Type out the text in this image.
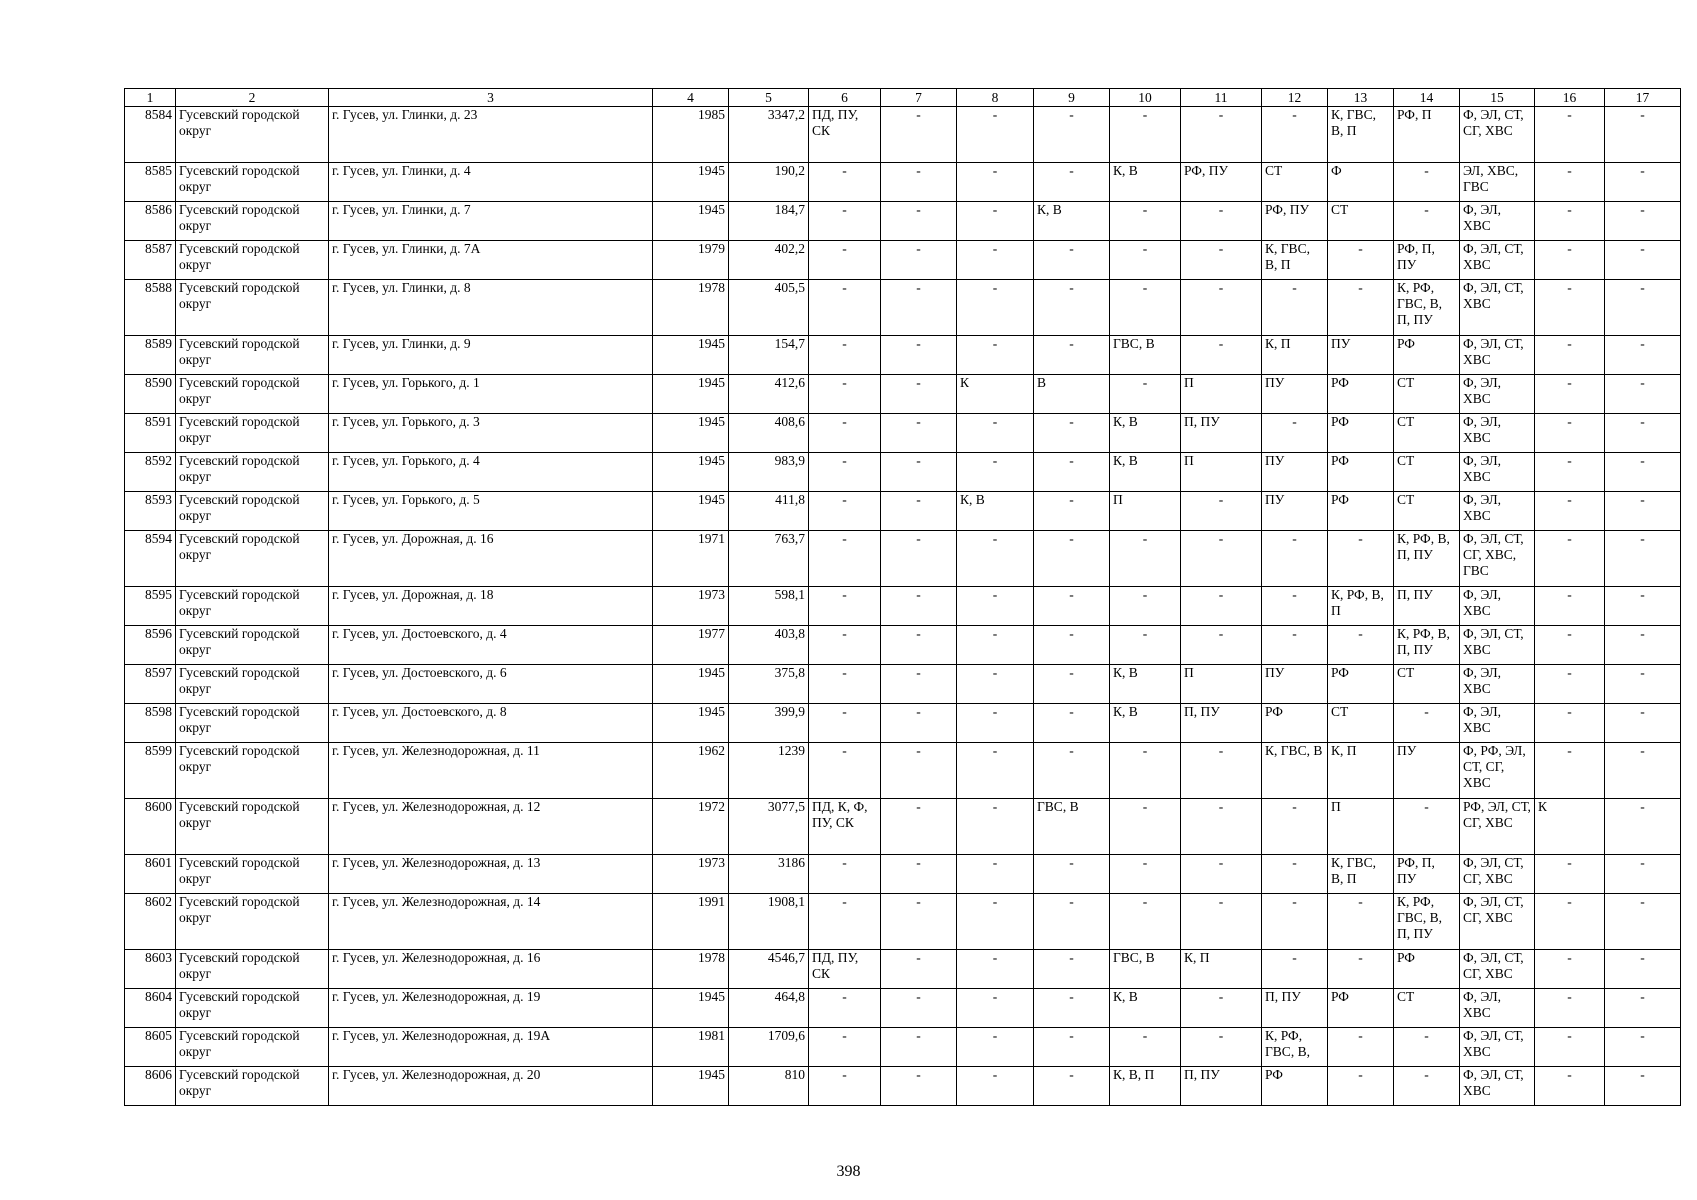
1	2	3	4	5	6	7	8	9	10	11	12	13	14	15	16	17
8584	Гусевский городской округ	г. Гусев, ул. Глинки, д. 23	1985	3347,2	ПД, ПУ, СК	-	-	-	-	-	-	К, ГВС, В, П	РФ, П	Ф, ЭЛ, СТ, СГ, ХВС	-	-
8585	Гусевский городской округ	г. Гусев, ул. Глинки, д. 4	1945	190,2	-	-	-	-	К, В	РФ, ПУ	СТ	Ф	-	ЭЛ, ХВС, ГВС	-	-
8586	Гусевский городской округ	г. Гусев, ул. Глинки, д. 7	1945	184,7	-	-	-	К, В	-	-	РФ, ПУ	СТ	-	Ф, ЭЛ, ХВС	-	-
8587	Гусевский городской округ	г. Гусев, ул. Глинки, д. 7А	1979	402,2	-	-	-	-	-	-	К, ГВС, В, П	-	РФ, П, ПУ	Ф, ЭЛ, СТ, ХВС	-	-
8588	Гусевский городской округ	г. Гусев, ул. Глинки, д. 8	1978	405,5	-	-	-	-	-	-	-	-	К, РФ, ГВС, В, П, ПУ	Ф, ЭЛ, СТ, ХВС	-	-
8589	Гусевский городской округ	г. Гусев, ул. Глинки, д. 9	1945	154,7	-	-	-	-	ГВС, В	-	К, П	ПУ	РФ	Ф, ЭЛ, СТ, ХВС	-	-
8590	Гусевский городской округ	г. Гусев, ул. Горького, д. 1	1945	412,6	-	-	К	В	-	П	ПУ	РФ	СТ	Ф, ЭЛ, ХВС	-	-
8591	Гусевский городской округ	г. Гусев, ул. Горького, д. 3	1945	408,6	-	-	-	-	К, В	П, ПУ	-	РФ	СТ	Ф, ЭЛ, ХВС	-	-
8592	Гусевский городской округ	г. Гусев, ул. Горького, д. 4	1945	983,9	-	-	-	-	К, В	П	ПУ	РФ	СТ	Ф, ЭЛ, ХВС	-	-
8593	Гусевский городской округ	г. Гусев, ул. Горького, д. 5	1945	411,8	-	-	К, В	-	П	-	ПУ	РФ	СТ	Ф, ЭЛ, ХВС	-	-
8594	Гусевский городской округ	г. Гусев, ул. Дорожная, д. 16	1971	763,7	-	-	-	-	-	-	-	-	К, РФ, В, П, ПУ	Ф, ЭЛ, СТ, СГ, ХВС, ГВС	-	-
8595	Гусевский городской округ	г. Гусев, ул. Дорожная, д. 18	1973	598,1	-	-	-	-	-	-	-	К, РФ, В, П	П, ПУ	Ф, ЭЛ, ХВС	-	-
8596	Гусевский городской округ	г. Гусев, ул. Достоевского, д. 4	1977	403,8	-	-	-	-	-	-	-	-	К, РФ, В, П, ПУ	Ф, ЭЛ, СТ, ХВС	-	-
8597	Гусевский городской округ	г. Гусев, ул. Достоевского, д. 6	1945	375,8	-	-	-	-	К, В	П	ПУ	РФ	СТ	Ф, ЭЛ, ХВС	-	-
8598	Гусевский городской округ	г. Гусев, ул. Достоевского, д. 8	1945	399,9	-	-	-	-	К, В	П, ПУ	РФ	СТ	-	Ф, ЭЛ, ХВС	-	-
8599	Гусевский городской округ	г. Гусев, ул. Железнодорожная, д. 11	1962	1239	-	-	-	-	-	-	К, ГВС, В	К, П	ПУ	Ф, РФ, ЭЛ, СТ, СГ, ХВС	-	-
8600	Гусевский городской округ	г. Гусев, ул. Железнодорожная, д. 12	1972	3077,5	ПД, К, Ф, ПУ, СК	-	-	ГВС, В	-	-	-	П	-	РФ, ЭЛ, СТ, СГ, ХВС	К	-
8601	Гусевский городской округ	г. Гусев, ул. Железнодорожная, д. 13	1973	3186	-	-	-	-	-	-	-	К, ГВС, В, П	РФ, П, ПУ	Ф, ЭЛ, СТ, СГ, ХВС	-	-
8602	Гусевский городской округ	г. Гусев, ул. Железнодорожная, д. 14	1991	1908,1	-	-	-	-	-	-	-	-	К, РФ, ГВС, В, П, ПУ	Ф, ЭЛ, СТ, СГ, ХВС	-	-
8603	Гусевский городской округ	г. Гусев, ул. Железнодорожная, д. 16	1978	4546,7	ПД, ПУ, СК	-	-	-	ГВС, В	К, П	-	-	РФ	Ф, ЭЛ, СТ, СГ, ХВС	-	-
8604	Гусевский городской округ	г. Гусев, ул. Железнодорожная, д. 19	1945	464,8	-	-	-	-	К, В	-	П, ПУ	РФ	СТ	Ф, ЭЛ, ХВС	-	-
8605	Гусевский городской округ	г. Гусев, ул. Железнодорожная, д. 19А	1981	1709,6	-	-	-	-	-	-	К, РФ, ГВС, В,	-	-	Ф, ЭЛ, СТ, ХВС	-	-
8606	Гусевский городской округ	г. Гусев, ул. Железнодорожная, д. 20	1945	810	-	-	-	-	К, В, П	П, ПУ	РФ	-	-	Ф, ЭЛ, СТ, ХВС	-	-
398
